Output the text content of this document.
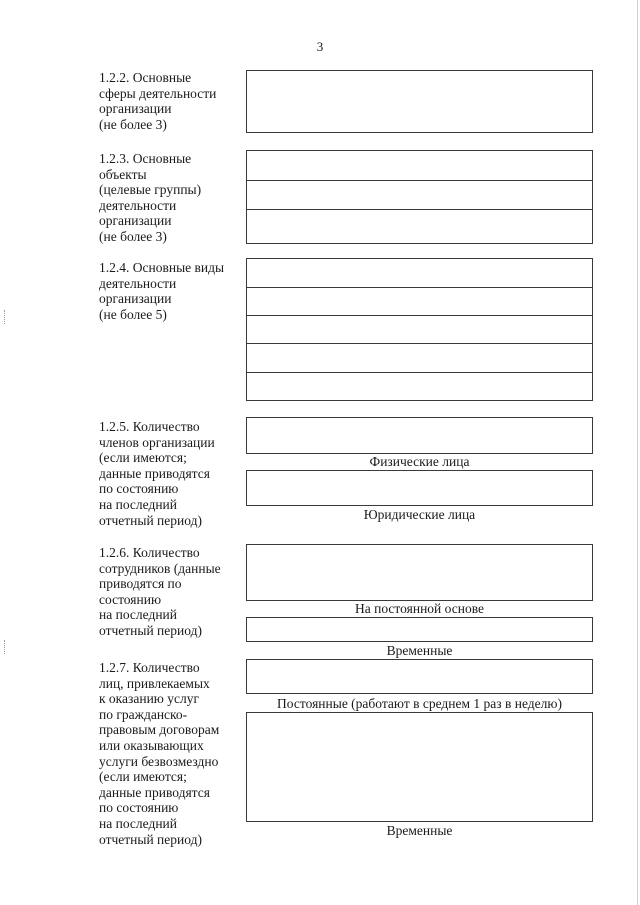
3
1.2.2. Основные
сферы деятельности
организации
(не более 3)
1.2.3. Основные
объекты
(целевые группы)
деятельности
организации
(не более 3)
1.2.4. Основные виды
деятельности
организации
(не более 5)
1.2.5. Количество
членов организации
(если имеются;
данные приводятся
по состоянию
на последний
отчетный период)
Физические лица
Юридические лица
1.2.6. Количество
сотрудников (данные
приводятся по
состоянию
на последний
отчетный период)
На постоянной основе
Временные
1.2.7. Количество
лиц, привлекаемых
к оказанию услуг
по гражданско-
правовым договорам
или оказывающих
услуги безвозмездно
(если имеются;
данные приводятся
по состоянию
на последний
отчетный период)
Постоянные (работают в среднем 1 раз в неделю)
Временные
